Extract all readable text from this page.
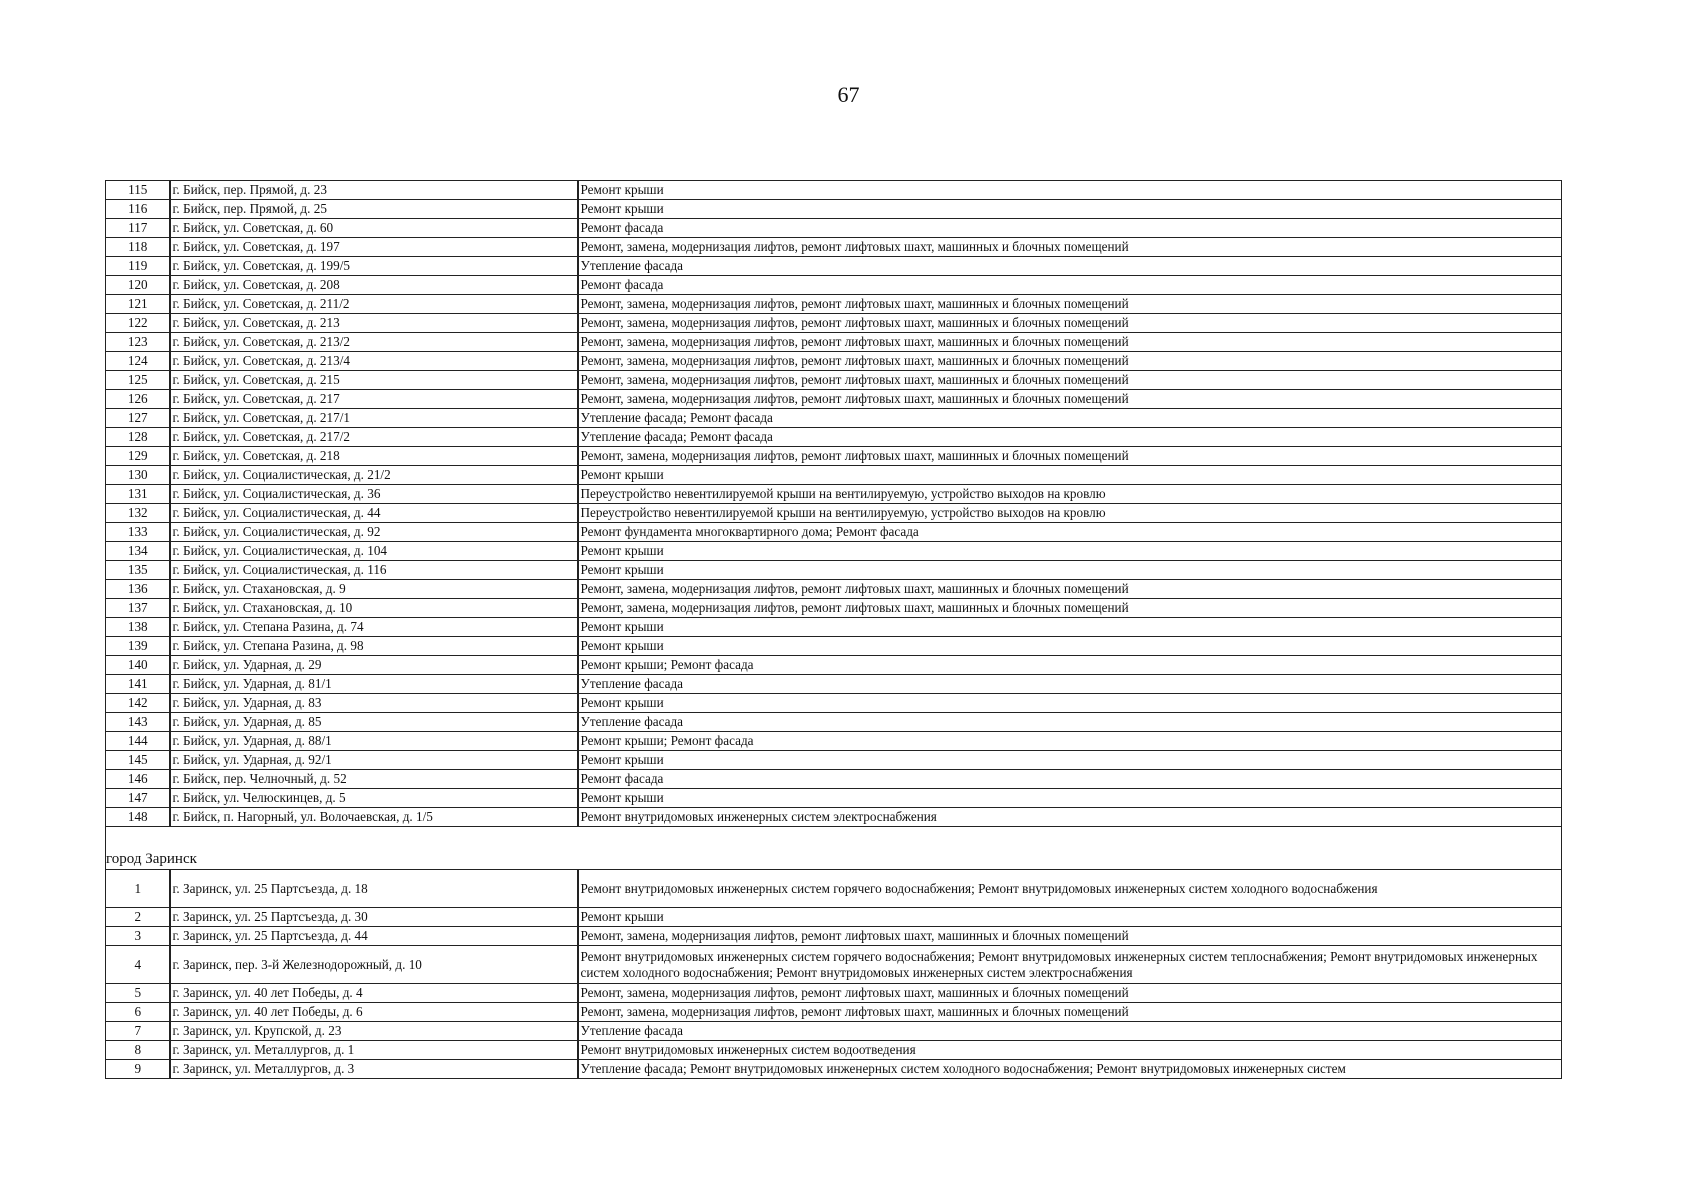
67
115	г. Бийск, пер. Прямой, д. 23	Ремонт крыши
116	г. Бийск, пер. Прямой, д. 25	Ремонт крыши
117	г. Бийск, ул. Советская, д. 60	Ремонт фасада
118	г. Бийск, ул. Советская, д. 197	Ремонт, замена, модернизация лифтов, ремонт лифтовых шахт, машинных и блочных помещений
119	г. Бийск, ул. Советская, д. 199/5	Утепление фасада
120	г. Бийск, ул. Советская, д. 208	Ремонт фасада
121	г. Бийск, ул. Советская, д. 211/2	Ремонт, замена, модернизация лифтов, ремонт лифтовых шахт, машинных и блочных помещений
122	г. Бийск, ул. Советская, д. 213	Ремонт, замена, модернизация лифтов, ремонт лифтовых шахт, машинных и блочных помещений
123	г. Бийск, ул. Советская, д. 213/2	Ремонт, замена, модернизация лифтов, ремонт лифтовых шахт, машинных и блочных помещений
124	г. Бийск, ул. Советская, д. 213/4	Ремонт, замена, модернизация лифтов, ремонт лифтовых шахт, машинных и блочных помещений
125	г. Бийск, ул. Советская, д. 215	Ремонт, замена, модернизация лифтов, ремонт лифтовых шахт, машинных и блочных помещений
126	г. Бийск, ул. Советская, д. 217	Ремонт, замена, модернизация лифтов, ремонт лифтовых шахт, машинных и блочных помещений
127	г. Бийск, ул. Советская, д. 217/1	Утепление фасада; Ремонт фасада
128	г. Бийск, ул. Советская, д. 217/2	Утепление фасада; Ремонт фасада
129	г. Бийск, ул. Советская, д. 218	Ремонт, замена, модернизация лифтов, ремонт лифтовых шахт, машинных и блочных помещений
130	г. Бийск, ул. Социалистическая, д. 21/2	Ремонт крыши
131	г. Бийск, ул. Социалистическая, д. 36	Переустройство невентилируемой крыши на вентилируемую, устройство выходов на кровлю
132	г. Бийск, ул. Социалистическая, д. 44	Переустройство невентилируемой крыши на вентилируемую, устройство выходов на кровлю
133	г. Бийск, ул. Социалистическая, д. 92	Ремонт фундамента многоквартирного дома; Ремонт фасада
134	г. Бийск, ул. Социалистическая, д. 104	Ремонт крыши
135	г. Бийск, ул. Социалистическая, д. 116	Ремонт крыши
136	г. Бийск, ул. Стахановская, д. 9	Ремонт, замена, модернизация лифтов, ремонт лифтовых шахт, машинных и блочных помещений
137	г. Бийск, ул. Стахановская, д. 10	Ремонт, замена, модернизация лифтов, ремонт лифтовых шахт, машинных и блочных помещений
138	г. Бийск, ул. Степана Разина, д. 74	Ремонт крыши
139	г. Бийск, ул. Степана Разина, д. 98	Ремонт крыши
140	г. Бийск, ул. Ударная, д. 29	Ремонт крыши; Ремонт фасада
141	г. Бийск, ул. Ударная, д. 81/1	Утепление фасада
142	г. Бийск, ул. Ударная, д. 83	Ремонт крыши
143	г. Бийск, ул. Ударная, д. 85	Утепление фасада
144	г. Бийск, ул. Ударная, д. 88/1	Ремонт крыши; Ремонт фасада
145	г. Бийск, ул. Ударная, д. 92/1	Ремонт крыши
146	г. Бийск, пер. Челночный, д. 52	Ремонт фасада
147	г. Бийск, ул. Челюскинцев, д. 5	Ремонт крыши
148	г. Бийск, п. Нагорный, ул. Волочаевская, д. 1/5	Ремонт внутридомовых инженерных систем электроснабжения

город Заринск		
1	г. Заринск, ул. 25 Партсъезда, д. 18	Ремонт внутридомовых инженерных систем горячего водоснабжения; Ремонт внутридомовых инженерных систем холодного водоснабжения
2	г. Заринск, ул. 25 Партсъезда, д. 30	Ремонт крыши
3	г. Заринск, ул. 25 Партсъезда, д. 44	Ремонт, замена, модернизация лифтов, ремонт лифтовых шахт, машинных и блочных помещений
4	г. Заринск, пер. 3-й Железнодорожный, д. 10	Ремонт внутридомовых инженерных систем горячего водоснабжения; Ремонт внутридомовых инженерных систем теплоснабжения; Ремонт внутридомовых инженерных систем холодного водоснабжения; Ремонт внутридомовых инженерных систем электроснабжения
5	г. Заринск, ул. 40 лет Победы, д. 4	Ремонт, замена, модернизация лифтов, ремонт лифтовых шахт, машинных и блочных помещений
6	г. Заринск, ул. 40 лет Победы, д. 6	Ремонт, замена, модернизация лифтов, ремонт лифтовых шахт, машинных и блочных помещений
7	г. Заринск, ул. Крупской, д. 23	Утепление фасада
8	г. Заринск, ул. Металлургов, д. 1	Ремонт внутридомовых инженерных систем водоотведения
9	г. Заринск, ул. Металлургов, д. 3	Утепление фасада; Ремонт внутридомовых инженерных систем холодного водоснабжения; Ремонт внутридомовых инженерных систем
